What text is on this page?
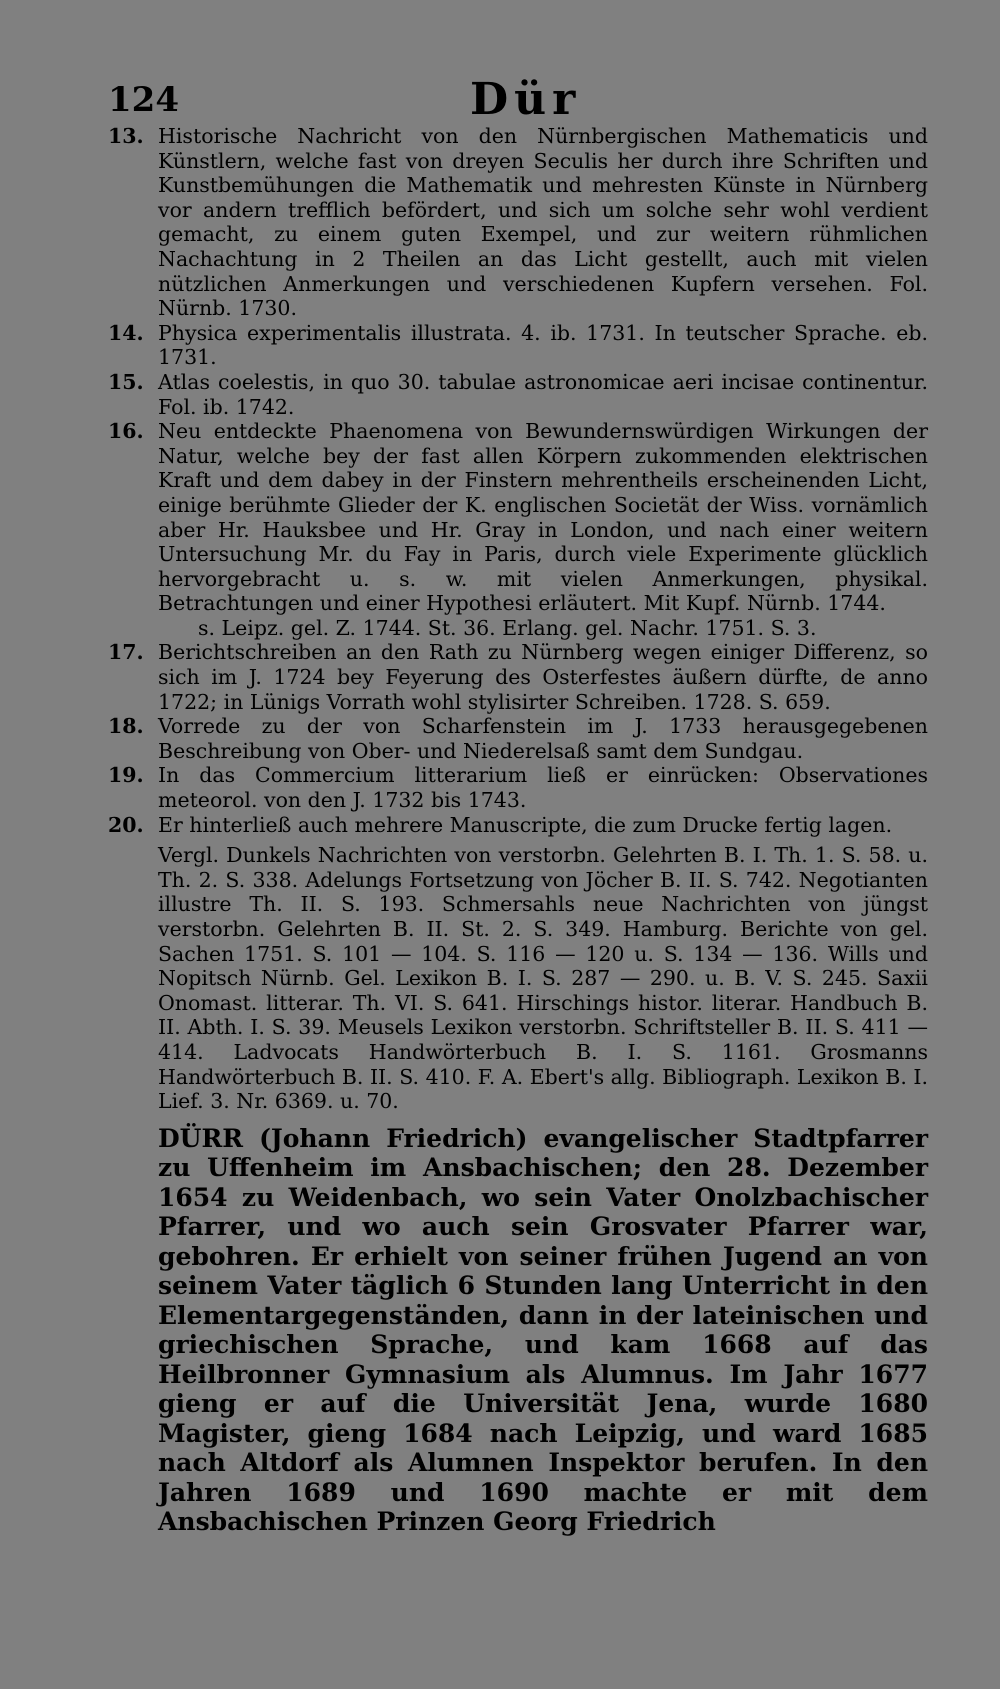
124	Dür
13. Historische Nachricht von den Nürnbergischen Mathematicis und Künstlern, welche fast von dreyen Seculis her durch ihre Schriften und Kunstbemühungen die Mathematik und mehresten Künste in Nürnberg vor andern trefflich befördert, und sich um solche sehr wohl verdient gemacht, zu einem guten Exempel, und zur weitern rühmlichen Nachachtung in 2 Theilen an das Licht gestellt, auch mit vielen nützlichen Anmerkungen und verschiedenen Kupfern versehen. Fol. Nürnb. 1730.
14. Physica experimentalis illustrata. 4. ib. 1731. In teutscher Sprache. eb. 1731.
15. Atlas coelestis, in quo 30. tabulae astronomicae aeri incisae continentur. Fol. ib. 1742.
16. Neu entdeckte Phaenomena von Bewundernswürdigen Wirkungen der Natur, welche bey der fast allen Körpern zukommenden elektrischen Kraft und dem dabey in der Finstern mehrentheils erscheinenden Licht, einige berühmte Glieder der K. englischen Societät der Wiss. vornämlich aber Hr. Hauksbee und Hr. Gray in London, und nach einer weitern Untersuchung Mr. du Fay in Paris, durch viele Experimente glücklich hervorgebracht u. s. w. mit vielen Anmerkungen, physikal. Betrachtungen und einer Hypothesi erläutert. Mit Kupf. Nürnb. 1744.
s. Leipz. gel. Z. 1744. St. 36. Erlang. gel. Nachr. 1751. S. 3.
17. Berichtschreiben an den Rath zu Nürnberg wegen einiger Differenz, so sich im J. 1724 bey Feyerung des Osterfestes äußern dürfte, de anno 1722; in Lünigs Vorrath wohl stylisirter Schreiben. 1728. S. 659.
18. Vorrede zu der von Scharfenstein im J. 1733 herausgegebenen Beschreibung von Ober- und Niederelsaß samt dem Sundgau.
19. In das Commercium litterarium ließ er einrücken: Observationes meteorol. von den J. 1732 bis 1743.
20. Er hinterließ auch mehrere Manuscripte, die zum Drucke fertig lagen.
Vergl. Dunkels Nachrichten von verstorbn. Gelehrten B. I. Th. 1. S. 58. u. Th. 2. S. 338. Adelungs Fortsetzung von Jöcher B. II. S. 742. Negotianten illustre Th. II. S. 193. Schmersahls neue Nachrichten von jüngst verstorbn. Gelehrten B. II. St. 2. S. 349. Hamburg. Berichte von gel. Sachen 1751. S. 101 — 104. S. 116 — 120 u. S. 134 — 136. Wills und Nopitsch Nürnb. Gel. Lexikon B. I. S. 287 — 290. u. B. V. S. 245. Saxii Onomast. litterar. Th. VI. S. 641. Hirschings histor. literar. Handbuch B. II. Abth. I. S. 39. Meusels Lexikon verstorbn. Schriftsteller B. II. S. 411 — 414. Ladvocats Handwörterbuch B. I. S. 1161. Grosmanns Handwörterbuch B. II. S. 410. F. A. Ebert's allg. Bibliograph. Lexikon B. I. Lief. 3. Nr. 6369. u. 70.
DÜRR (Johann Friedrich) evangelischer Stadtpfarrer zu Uffenheim im Ansbachischen; den 28. Dezember 1654 zu Weidenbach, wo sein Vater Onolzbachischer Pfarrer, und wo auch sein Grosvater Pfarrer war, gebohren. Er erhielt von seiner frühen Jugend an von seinem Vater täglich 6 Stunden lang Unterricht in den Elementargegenständen, dann in der lateinischen und griechischen Sprache, und kam 1668 auf das Heilbronner Gymnasium als Alumnus. Im Jahr 1677 gieng er auf die Universität Jena, wurde 1680 Magister, gieng 1684 nach Leipzig, und ward 1685 nach Altdorf als Alumnen Inspektor berufen. In den Jahren 1689 und 1690 machte er mit dem Ansbachischen Prinzen Georg Friedrich
